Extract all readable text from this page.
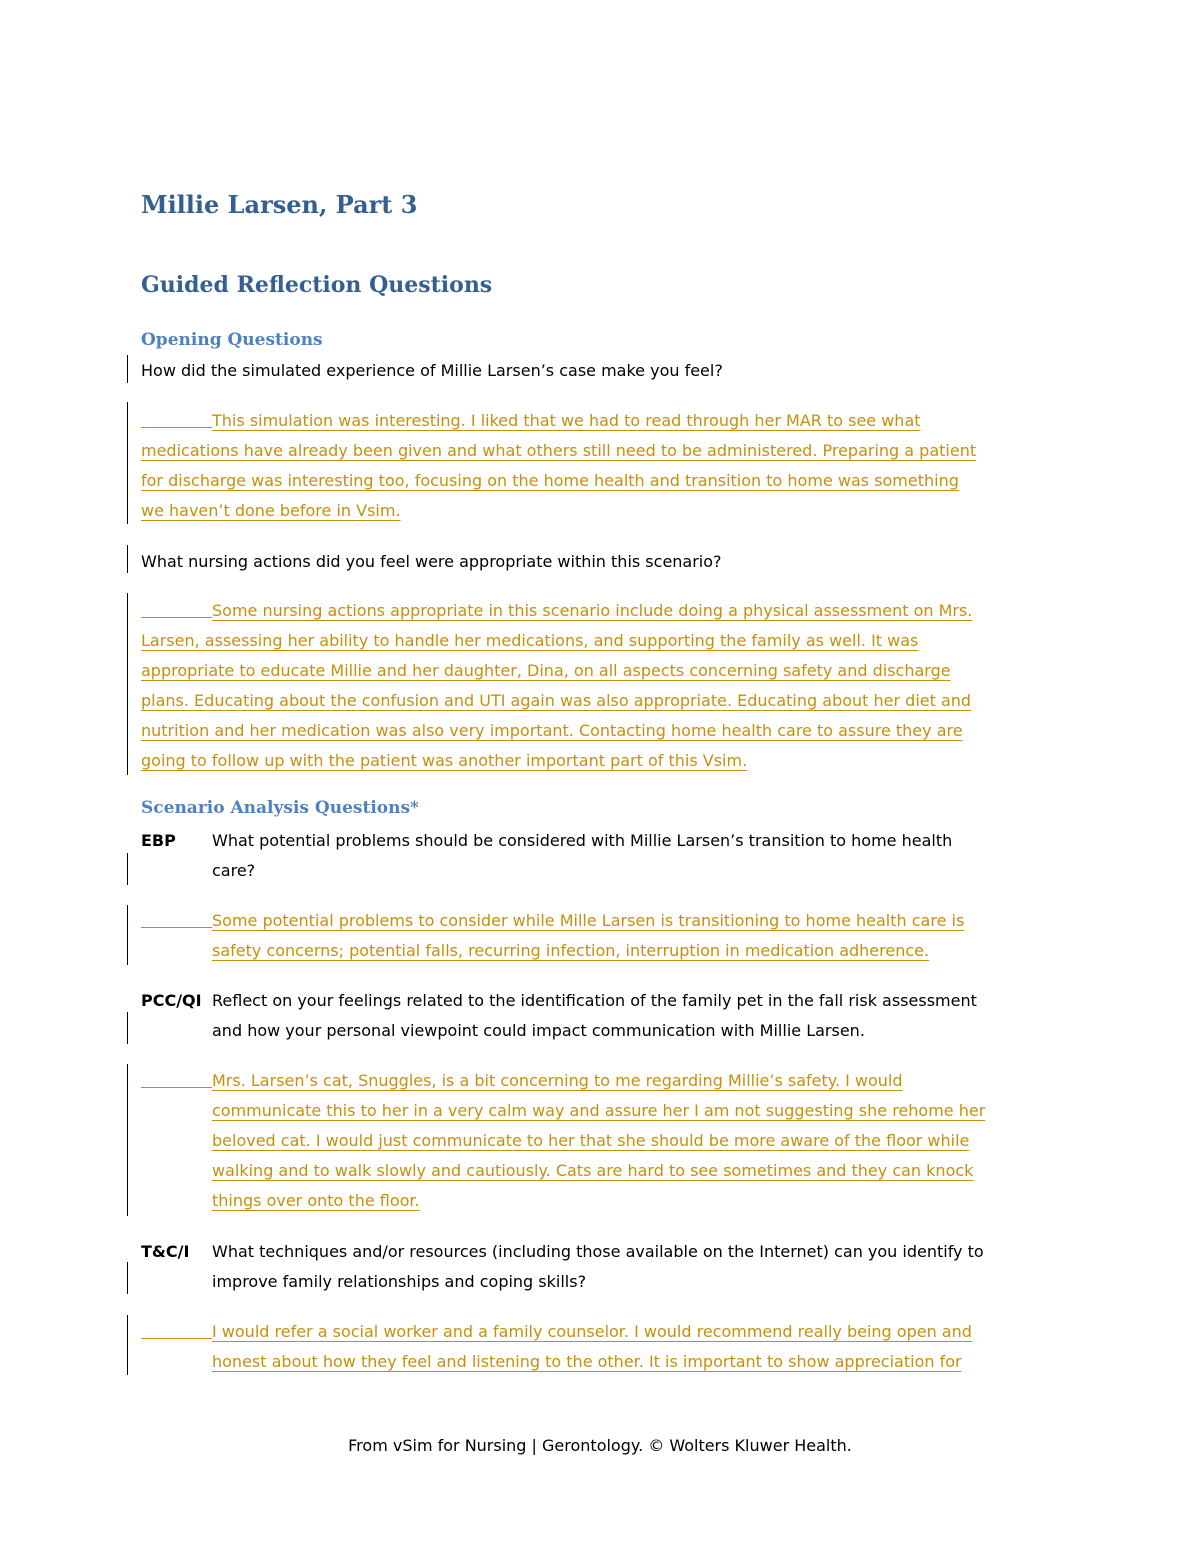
Millie Larsen, Part 3
Guided Reflection Questions
Opening Questions

How did the simulated experience of Millie Larsen’s case make you feel?

This simulation was interesting. I liked that we had to read through her MAR to see what

medications have already been given and what others still need to be administered. Preparing a patient

for discharge was interesting too, focusing on the home health and transition to home was something

we haven’t done before in Vsim.

What nursing actions did you feel were appropriate within this scenario?

Some nursing actions appropriate in this scenario include doing a physical assessment on Mrs.

Larsen, assessing her ability to handle her medications, and supporting the family as well. It was

appropriate to educate Millie and her daughter, Dina, on all aspects concerning safety and discharge

plans. Educating about the confusion and UTI again was also appropriate. Educating about her diet and

nutrition and her medication was also very important. Contacting home health care to assure they are

going to follow up with the patient was another important part of this Vsim.

Scenario Analysis Questions*

EBP What potential problems should be considered with Millie Larsen’s transition to home health

care?

Some potential problems to consider while Mille Larsen is transitioning to home health care is

safety concerns; potential falls, recurring infection, interruption in medication adherence.

PCC/QI Reflect on your feelings related to the identification of the family pet in the fall risk assessment

and how your personal viewpoint could impact communication with Millie Larsen.

Mrs. Larsen’s cat, Snuggles, is a bit concerning to me regarding Millie’s safety. I would

communicate this to her in a very calm way and assure her I am not suggesting she rehome her

beloved cat. I would just communicate to her that she should be more aware of the floor while

walking and to walk slowly and cautiously. Cats are hard to see sometimes and they can knock

things over onto the floor.

T&C/I What techniques and/or resources (including those available on the Internet) can you identify to

improve family relationships and coping skills?

I would refer a social worker and a family counselor. I would recommend really being open and

honest about how they feel and listening to the other. It is important to show appreciation for

From vSim for Nursing | Gerontology. © Wolters Kluwer Health.
